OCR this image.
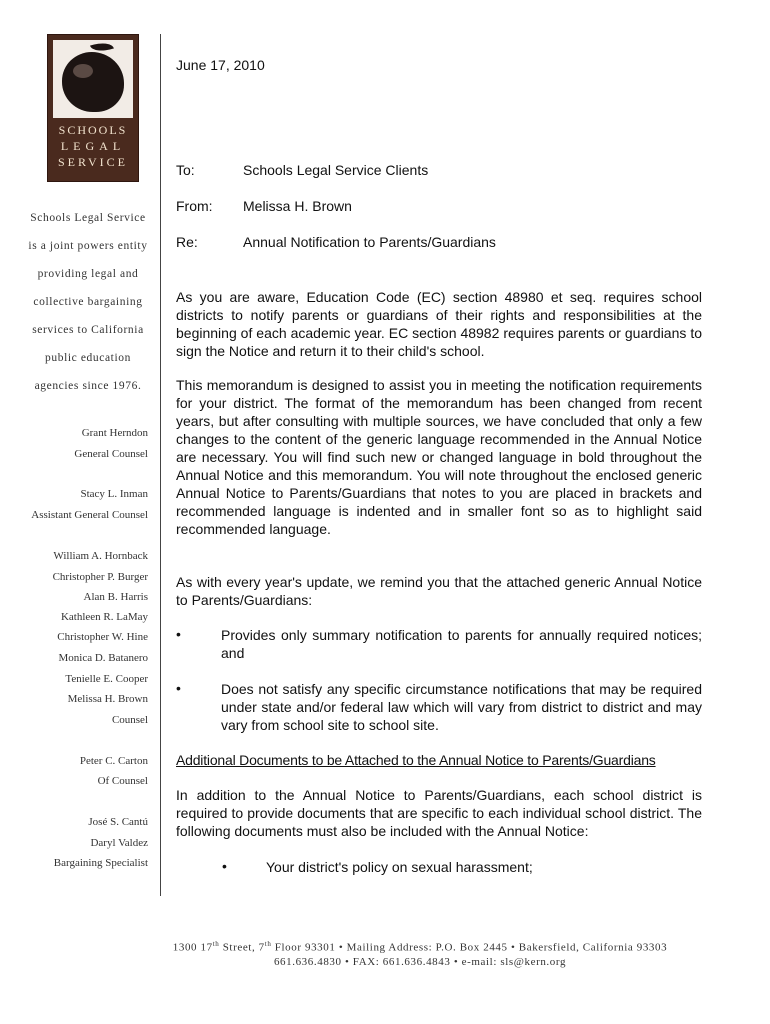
SCHOOLS
LEGAL
SERVICE
Schools Legal Service
is a joint powers entity
providing legal and
collective bargaining
services to California
public education
agencies since 1976.
Grant Herndon
General Counsel
Stacy L. Inman
Assistant General Counsel
William A. Hornback
Christopher P. Burger
Alan B. Harris
Kathleen R. LaMay
Christopher W. Hine
Monica D. Batanero
Tenielle E. Cooper
Melissa H. Brown
Counsel
Peter C. Carton
Of Counsel
José S. Cantú
Daryl Valdez
Bargaining Specialist
June 17, 2010
To:	Schools Legal Service Clients
From: Melissa H. Brown
Re:	Annual Notification to Parents/Guardians
As you are aware, Education Code (EC) section 48980 et seq. requires school districts to notify parents or guardians of their rights and responsibilities at the beginning of each academic year. EC section 48982 requires parents or guardians to sign the Notice and return it to their child's school.
This memorandum is designed to assist you in meeting the notification requirements for your district. The format of the memorandum has been changed from recent years, but after consulting with multiple sources, we have concluded that only a few changes to the content of the generic language recommended in the Annual Notice are necessary. You will find such new or changed language in bold throughout the Annual Notice and this memorandum. You will note throughout the enclosed generic Annual Notice to Parents/Guardians that notes to you are placed in brackets and recommended language is indented and in smaller font so as to highlight said recommended language.
As with every year's update, we remind you that the attached generic Annual Notice to Parents/Guardians:
•	Provides only summary notification to parents for annually required notices; and
•	Does not satisfy any specific circumstance notifications that may be required under state and/or federal law which will vary from district to district and may vary from school site to school site.
Additional Documents to be Attached to the Annual Notice to Parents/Guardians
In addition to the Annual Notice to Parents/Guardians, each school district is required to provide documents that are specific to each individual school district. The following documents must also be included with the Annual Notice:
•	Your district's policy on sexual harassment;
1300 17th Street, 7th Floor 93301 • Mailing Address: P.O. Box 2445 • Bakersfield, California 93303
661.636.4830 • FAX: 661.636.4843 • e-mail: sls@kern.org
